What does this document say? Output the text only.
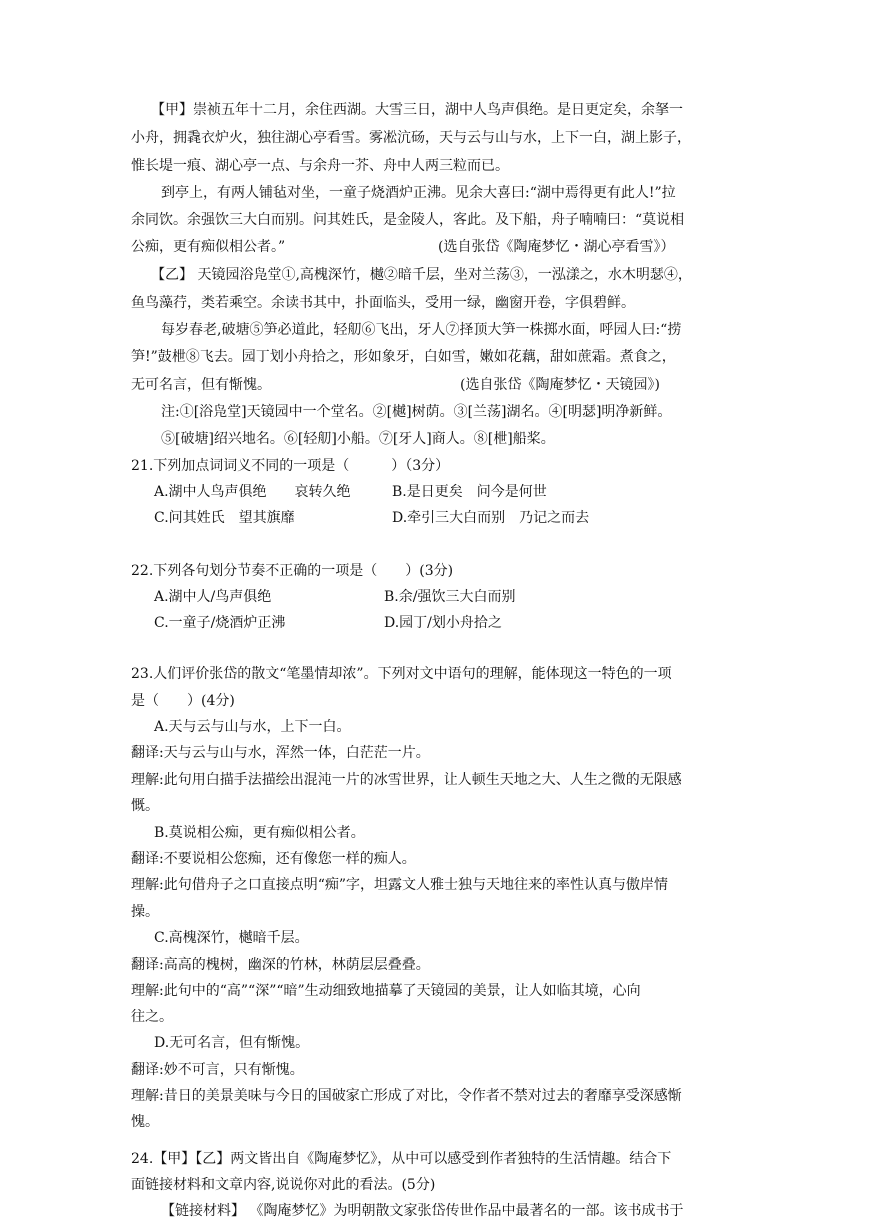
【甲】崇祯五年十二月，余住西湖。大雪三日，湖中人鸟声俱绝。是日更定矣，余拏一
小舟，拥毳衣炉火，独往湖心亭看雪。雾凇沆砀，天与云与山与水，上下一白，湖上影子，
惟长堤一痕、湖心亭一点、与余舟一芥、舟中人两三粒而已。
到亭上，有两人铺毡对坐，一童子烧酒炉正沸。见余大喜曰:“湖中焉得更有此人!”拉
余同饮。余强饮三大白而别。问其姓氏，是金陵人，客此。及下船，舟子喃喃曰：“莫说相
公痴，更有痴似相公者。”	(选自张岱《陶庵梦忆・湖心亭看雪》）
【乙】 天镜园浴凫堂①,高槐深竹，樾②暗千层，坐对兰荡③，一泓漾之，水木明瑟④，
鱼鸟藻荇，类若乘空。余读书其中，扑面临头，受用一绿，幽窗开卷，字俱碧鲜。
每岁春老,破塘⑤笋必道此，轻舠⑥飞出，牙人⑦择顶大笋一株掷水面，呼园人曰:“捞
笋!”鼓枻⑧飞去。园丁划小舟拾之，形如象牙，白如雪，嫩如花藕，甜如蔗霜。煮食之，
无可名言，但有惭愧。	(选自张岱《陶庵梦忆・天镜园》)
注:①[浴凫堂]天镜园中一个堂名。②[樾]树荫。③[兰荡]湖名。④[明瑟]明净新鲜。
⑤[破塘]绍兴地名。⑥[轻舠]小船。⑦[牙人]商人。⑧[枻]船桨。
21.下列加点词词义不同的一项是（　　　）（3分）
A.湖中人鸟声俱绝　　哀转久绝	B.是日更矣　问今是何世
C.问其姓氏　望其旗靡	D.牵引三大白而别　乃记之而去
22.下列各句划分节奏不正确的一项是（　　）(3分)
A.湖中人/鸟声俱绝	B.余/强饮三大白而别
C.一童子/烧酒炉正沸	D.园丁/划小舟拾之
23.人们评价张岱的散文“笔墨情却浓”。下列对文中语句的理解，能体现这一特色的一项
是（　　）(4分)
A.天与云与山与水，上下一白。
翻译:天与云与山与水，浑然一体，白茫茫一片。
理解:此句用白描手法描绘出混沌一片的冰雪世界，让人顿生天地之大、人生之微的无限感
慨。
B.莫说相公痴，更有痴似相公者。
翻译:不要说相公您痴，还有像您一样的痴人。
理解:此句借舟子之口直接点明“痴”字，坦露文人雅士独与天地往来的率性认真与傲岸情
操。
C.高槐深竹，樾暗千层。
翻译:高高的槐树，幽深的竹林，林荫层层叠叠。
理解:此句中的“高”“深”“暗”生动细致地描摹了天镜园的美景，让人如临其境，心向
往之。
D.无可名言，但有惭愧。
翻译:妙不可言，只有惭愧。
理解:昔日的美景美味与今日的国破家亡形成了对比，令作者不禁对过去的奢靡享受深感惭
愧。
24.【甲】【乙】两文皆出自《陶庵梦忆》，从中可以感受到作者独特的生活情趣。结合下
面链接材料和文章内容,说说你对此的看法。(5分)
【链接材料】 《陶庵梦忆》为明朝散文家张岱传世作品中最著名的一部。该书成书于
